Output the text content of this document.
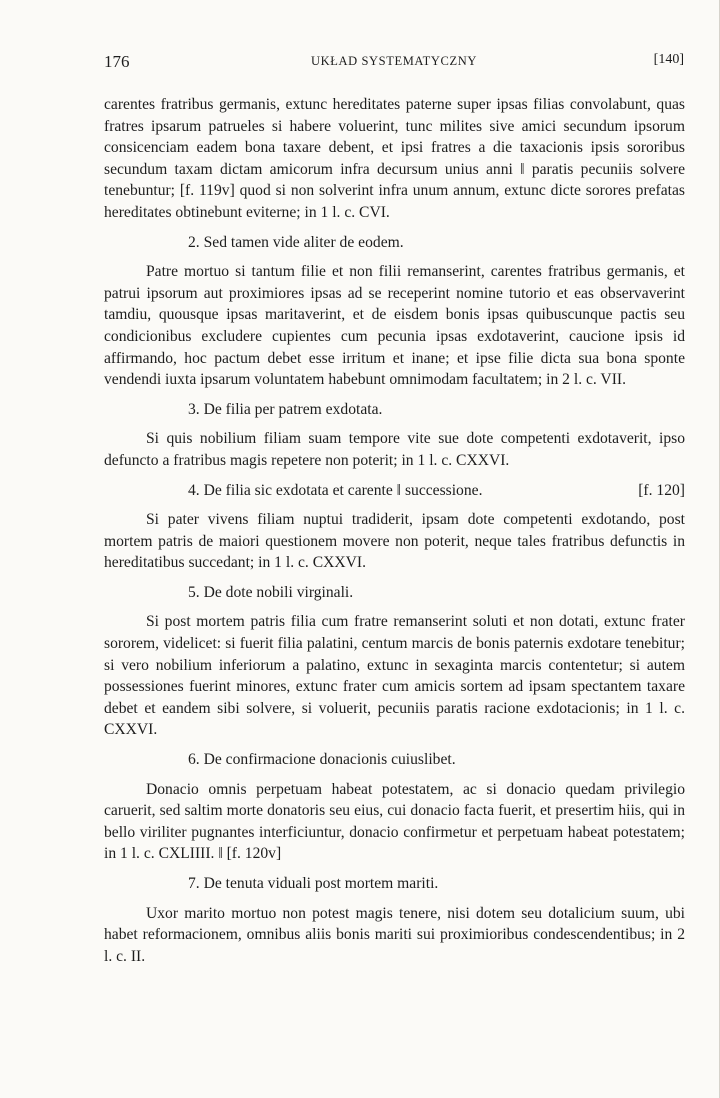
176	UKŁAD SYSTEMATYCZNY	[140]

carentes fratribus germanis, extunc hereditates paterne super ipsas filias convolabunt, quas fratres ipsarum patrueles si habere voluerint, tunc milites sive amici secundum ipsorum consicenciam eadem bona taxare debent, et ipsi fratres a die taxacionis ipsis sororibus secundum taxam dictam amicorum infra decursum unius anni ‖ paratis pecuniis solvere tenebuntur; [f. 119v] quod si non solverint infra unum annum, extunc dicte sorores prefatas hereditates obtinebunt eviterne; in 1 l. c. CVI.

2. Sed tamen vide aliter de eodem.

Patre mortuo si tantum filie et non filii remanserint, carentes fratribus germanis, et patrui ipsorum aut proximiores ipsas ad se receperint nomine tutorio et eas observaverint tamdiu, quousque ipsas maritaverint, et de eisdem bonis ipsas quibuscunque pactis seu condicionibus excludere cupientes cum pecunia ipsas exdotaverint, caucione ipsis id affirmando, hoc pactum debet esse irritum et inane; et ipse filie dicta sua bona sponte vendendi iuxta ipsarum voluntatem habebunt omnimodam facultatem; in 2 l. c. VII.

3. De filia per patrem exdotata.

Si quis nobilium filiam suam tempore vite sue dote competenti exdotaverit, ipso defuncto a fratribus magis repetere non poterit; in 1 l. c. CXXVI.

4. De filia sic exdotata et carente ‖ successione.	[f. 120]

Si pater vivens filiam nuptui tradiderit, ipsam dote competenti exdotando, post mortem patris de maiori questionem movere non poterit, neque tales fratribus defunctis in hereditatibus succedant; in 1 l. c. CXXVI.

5. De dote nobili virginali.

Si post mortem patris filia cum fratre remanserint soluti et non dotati, extunc frater sororem, videlicet: si fuerit filia palatini, centum marcis de bonis paternis exdotare tenebitur; si vero nobilium inferiorum a palatino, extunc in sexaginta marcis contentetur; si autem possessiones fuerint minores, extunc frater cum amicis sortem ad ipsam spectantem taxare debet et eandem sibi solvere, si voluerit, pecuniis paratis racione exdotacionis; in 1 l. c. CXXVI.

6. De confirmacione donacionis cuiuslibet.

Donacio omnis perpetuam habeat potestatem, ac si donacio quedam privilegio caruerit, sed saltim morte donatoris seu eius, cui donacio facta fuerit, et presertim hiis, qui in bello viriliter pugnantes interficiuntur, donacio confirmetur et perpetuam habeat potestatem; in 1 l. c. CXLIIII. ‖ [f. 120v]

7. De tenuta viduali post mortem mariti.

Uxor marito mortuo non potest magis tenere, nisi dotem seu dotalicium suum, ubi habet reformacionem, omnibus aliis bonis mariti sui proximioribus condescendentibus; in 2 l. c. II.
